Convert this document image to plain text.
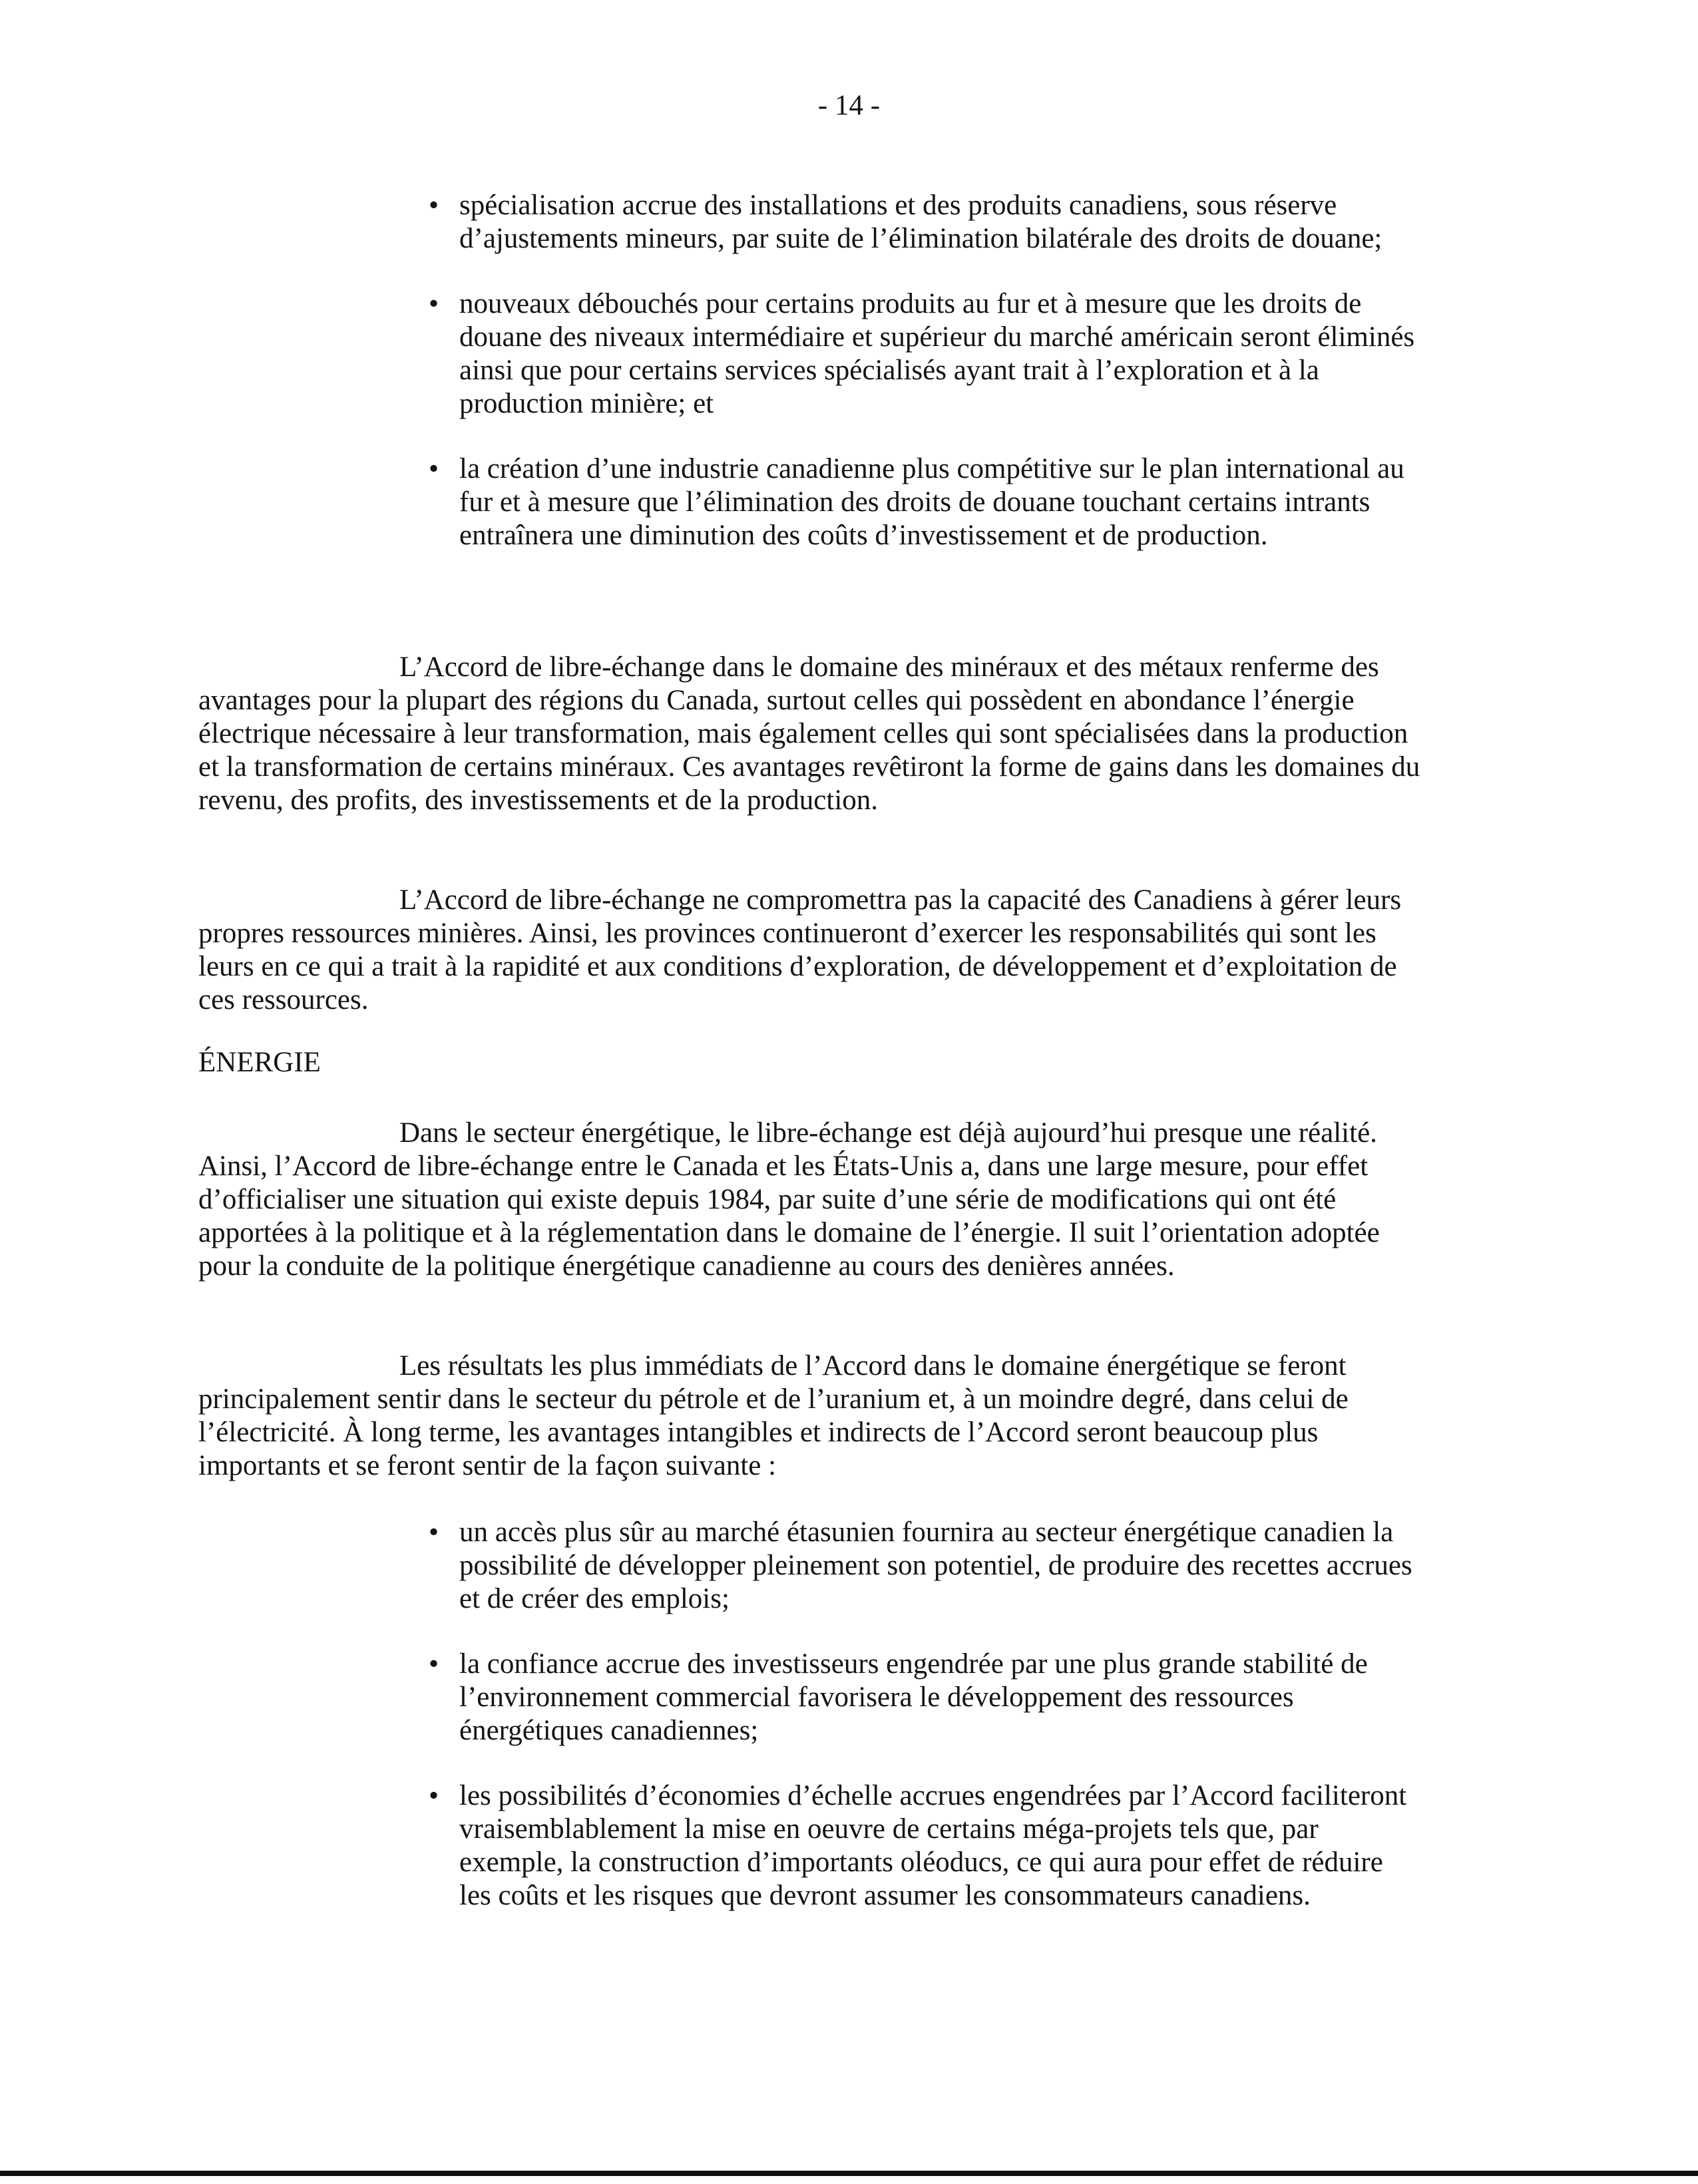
- 14 -
• spécialisation accrue des installations et des produits canadiens, sous réserve d’ajustements mineurs, par suite de l’élimination bilatérale des droits de douane;
• nouveaux débouchés pour certains produits au fur et à mesure que les droits de douane des niveaux intermédiaire et supérieur du marché américain seront éliminés ainsi que pour certains services spécialisés ayant trait à l’exploration et à la production minière; et
• la création d’une industrie canadienne plus compétitive sur le plan international au fur et à mesure que l’élimination des droits de douane touchant certains intrants entraînera une diminution des coûts d’investissement et de production.

L’Accord de libre-échange dans le domaine des minéraux et des métaux renferme des avantages pour la plupart des régions du Canada, surtout celles qui possèdent en abondance l’énergie électrique nécessaire à leur transformation, mais également celles qui sont spécialisées dans la production et la transformation de certains minéraux. Ces avantages revêtiront la forme de gains dans les domaines du revenu, des profits, des investissements et de la production.

L’Accord de libre-échange ne compromettra pas la capacité des Canadiens à gérer leurs propres ressources minières. Ainsi, les provinces continueront d’exercer les responsabilités qui sont les leurs en ce qui a trait à la rapidité et aux conditions d’exploration, de développement et d’exploitation de ces ressources.

ÉNERGIE

Dans le secteur énergétique, le libre-échange est déjà aujourd’hui presque une réalité. Ainsi, l’Accord de libre-échange entre le Canada et les États-Unis a, dans une large mesure, pour effet d’officialiser une situation qui existe depuis 1984, par suite d’une série de modifications qui ont été apportées à la politique et à la réglementation dans le domaine de l’énergie. Il suit l’orientation adoptée pour la conduite de la politique énergétique canadienne au cours des denières années.

Les résultats les plus immédiats de l’Accord dans le domaine énergétique se feront principalement sentir dans le secteur du pétrole et de l’uranium et, à un moindre degré, dans celui de l’électricité. À long terme, les avantages intangibles et indirects de l’Accord seront beaucoup plus importants et se feront sentir de la façon suivante :

• un accès plus sûr au marché étasunien fournira au secteur énergétique canadien la possibilité de développer pleinement son potentiel, de produire des recettes accrues et de créer des emplois;
• la confiance accrue des investisseurs engendrée par une plus grande stabilité de l’environnement commercial favorisera le développement des ressources énergétiques canadiennes;
• les possibilités d’économies d’échelle accrues engendrées par l’Accord faciliteront vraisemblablement la mise en oeuvre de certains méga-projets tels que, par exemple, la construction d’importants oléoducs, ce qui aura pour effet de réduire les coûts et les risques que devront assumer les consommateurs canadiens.
